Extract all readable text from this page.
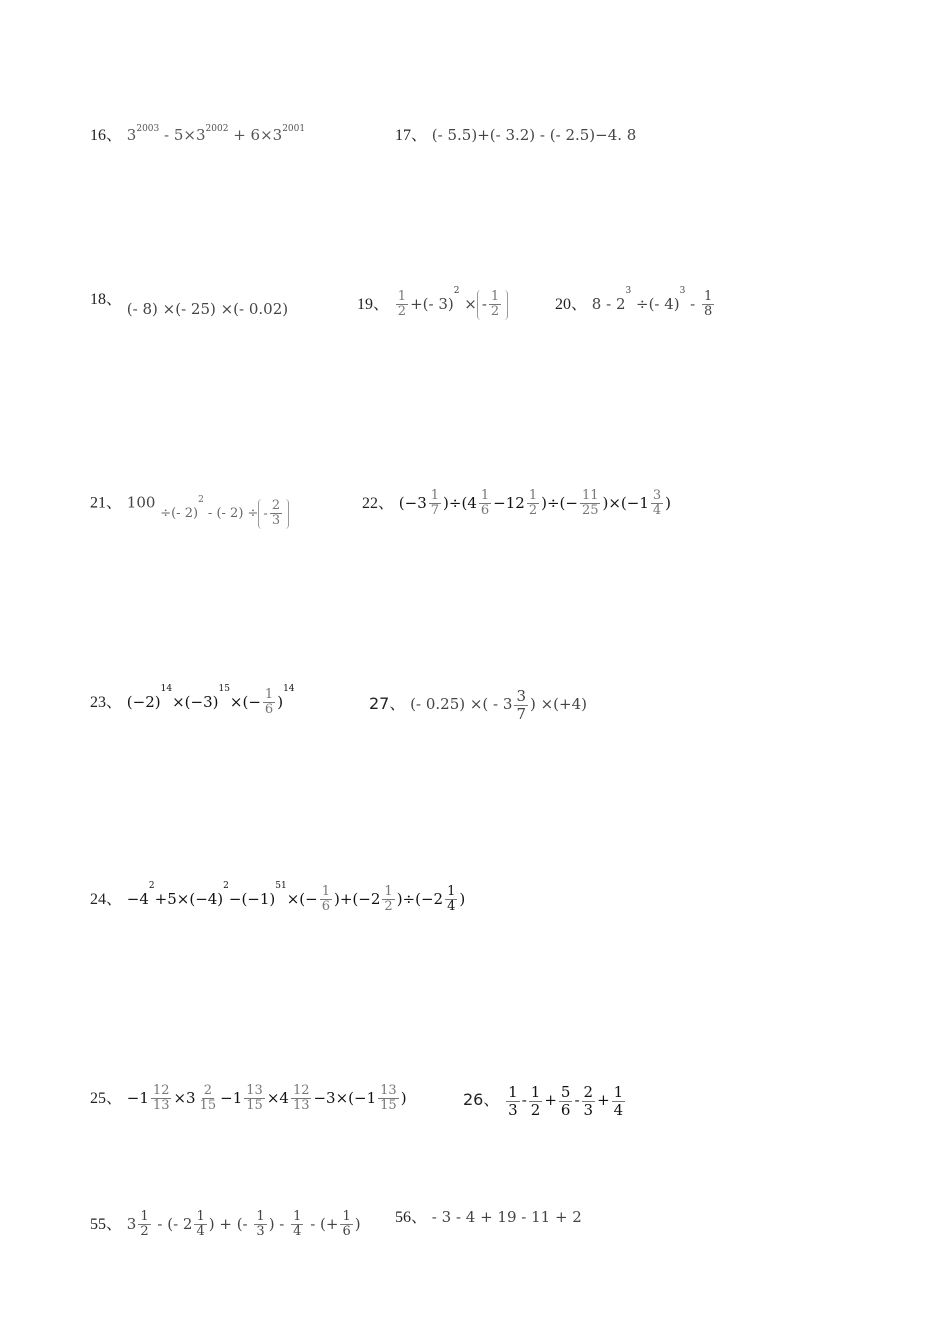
16、 $3^{2003} - 5\times 3^{2002} + 6\times 3^{2001}$	17、 (- 5.5)+(- 3.2) - (- 2.5)−4. 8
18、 (- 8) ×(- 25) ×(- 0.02)	19、 $\frac{1}{2}$ +(- 3)$^2$ × - $\frac{1}{2}$	20、 $8 - 2^3$ ÷(- $4)^3 - \frac{1}{8}$
21、 100 ÷(- 2)$^2$ - (- 2) ÷ - $\frac{2}{3}$	22、 $(-3 \frac{1}{7} )\div(4 \frac{1}{6} -12 \frac{1}{2}$ )÷(− $\frac{11}{25} )\times(-1 \frac{3}{4}$ )
23、 $(-2)^{14}\times(-3)^{15}\times(- \frac{1}{6} )^{14}$
27、 (- 0.25) ×( - $3 \frac{3}{7}$ ) ×(+4)
24、 $-4^2+5\times(-4)^2-(-1)^{51}\times(- \frac{1}{6} )+(-2 \frac{1}{2} )\div(-2 \frac{1}{4}$ )
25、 $-1 \frac{12}{13} \times 3 \frac{2}{15} -1 \frac{13}{15} \times 4 \frac{12}{13} -3\times(-1 \frac{13}{15}$ )	26、 $\frac{1}{3} - \frac{1}{2} + \frac{5}{6} - \frac{2}{3} + \frac{1}{4}$
55、 $3 \frac{1}{2}$ - (- $2 \frac{1}{4}$ ) + (- $\frac{1}{3}$ ) - $\frac{1}{4}$ - (+ $\frac{1}{6}$ ) 56、 - 3 - 4 + 19 - 11 + 2
